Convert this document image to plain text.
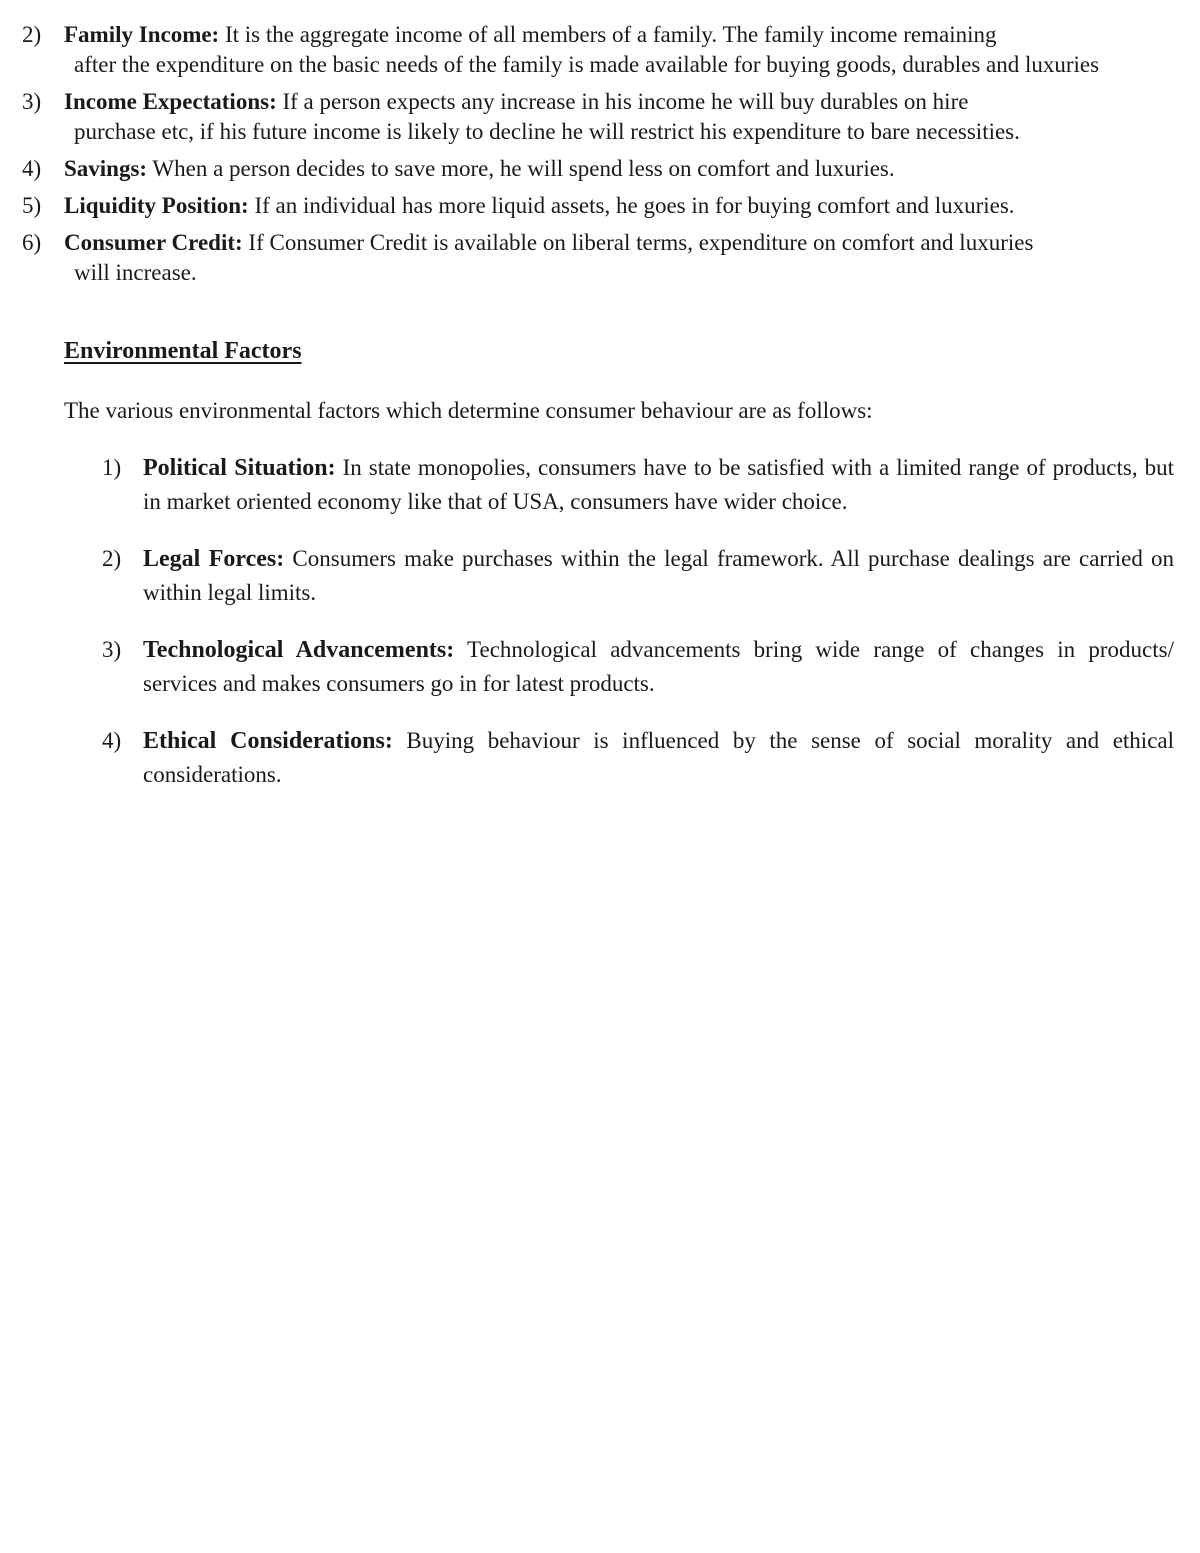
2) Family Income: It is the aggregate income of all members of a family. The family income remaining
after the expenditure on the basic needs of the family is made available for buying goods, durables and luxuries
3) Income Expectations: If a person expects any increase in his income he will buy durables on hire
purchase etc, if his future income is likely to decline he will restrict his expenditure to bare necessities.
4) Savings: When a person decides to save more, he will spend less on comfort and luxuries.
5) Liquidity Position: If an individual has more liquid assets, he goes in for buying comfort and luxuries.
6) Consumer Credit: If Consumer Credit is available on liberal terms, expenditure on comfort and luxuries
will increase.
Environmental Factors

The various environmental factors which determine consumer behaviour are as follows:

1) Political Situation: In state monopolies, consumers have to be satisfied with a limited range of products, but in market oriented economy like that of USA, consumers have wider choice.
2) Legal Forces: Consumers make purchases within the legal framework. All purchase dealings are carried on within legal limits.
3) Technological Advancements: Technological advancements bring wide range of changes in products/ services and makes consumers go in for latest products.
4) Ethical Considerations: Buying behaviour is influenced by the sense of social morality and ethical considerations.
